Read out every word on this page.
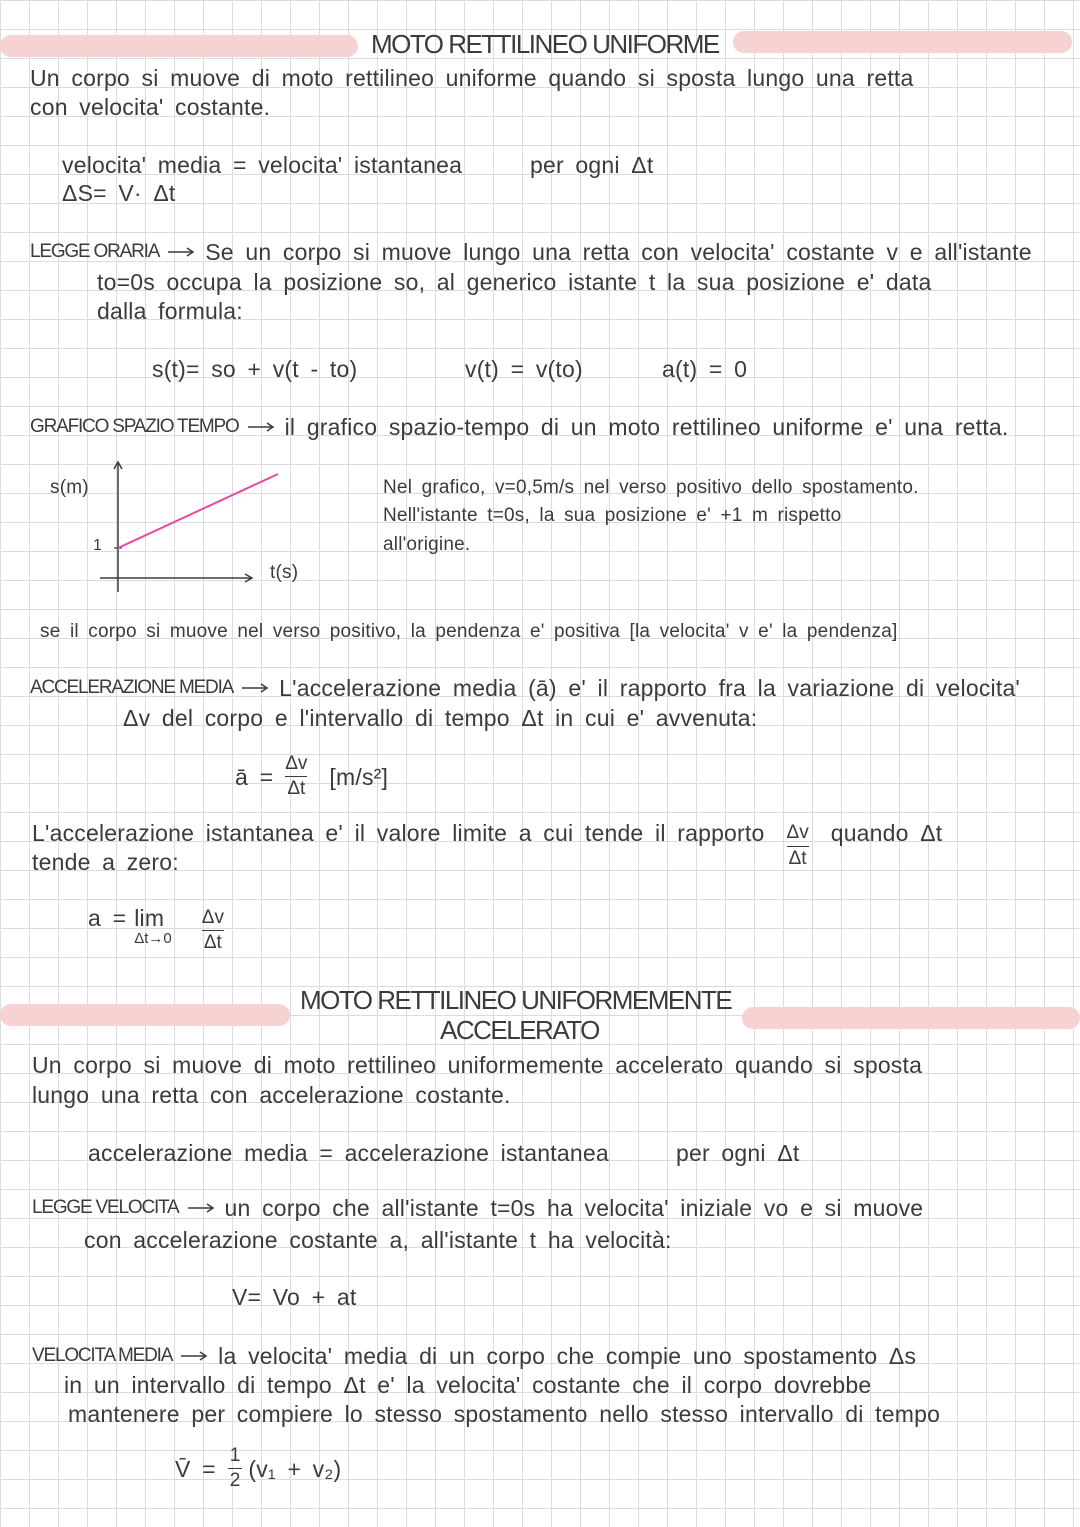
MOTO RETTILINEO UNIFORME
Un corpo si muove di moto rettilineo uniforme quando si sposta lungo una retta
con velocita' costante.
velocita' media = velocita' istantanea	per ogni Δt
ΔS= V· Δt
LEGGE ORARIA Se un corpo si muove lungo una retta con velocita' costante v e all'istante
to=0s occupa la posizione so, al generico istante t la sua posizione e' data
dalla formula:
s(t)= so + v(t - to)	v(t) = v(to)	a(t) = 0
GRAFICO SPAZIO TEMPO il grafico spazio-tempo di un moto rettilineo uniforme e' una retta.
s(m)
1
t(s)
Nel grafico, v=0,5m/s nel verso positivo dello spostamento.
Nell'istante t=0s, la sua posizione e' +1 m rispetto
all'origine.
se il corpo si muove nel verso positivo, la pendenza e' positiva [la velocita' v e' la pendenza]
ACCELERAZIONE MEDIA L'accelerazione media (ā) e' il rapporto fra la variazione di velocita'
Δv del corpo e l'intervallo di tempo Δt in cui e' avvenuta:
ā = $\frac{\Delta v}{\Delta t} [m/s^2]$
L'accelerazione istantanea e' il valore limite a cui tende il rapporto $\frac{\Delta v}{\Delta t}$ quando Δt
tende a zero:
a = lim
$\Delta t\to 0 \frac{\Delta v}{\Delta t}$
MOTO RETTILINEO UNIFORMEMENTE
ACCELERATO
Un corpo si muove di moto rettilineo uniformemente accelerato quando si sposta
lungo una retta con accelerazione costante.
accelerazione media = accelerazione istantanea	per ogni Δt
LEGGE VELOCITA un corpo che all'istante t=0s ha velocita' iniziale vo e si muove
con accelerazione costante a, all'istante t ha velocità:
V= Vo + at
VELOCITA MEDIA la velocita' media di un corpo che compie uno spostamento Δs
in un intervallo di tempo Δt e' la velocita' costante che il corpo dovrebbe
mantenere per compiere lo stesso spostamento nello stesso intervallo di tempo
V̄ = $\frac{1}{2} (v_1 + v_2)$
